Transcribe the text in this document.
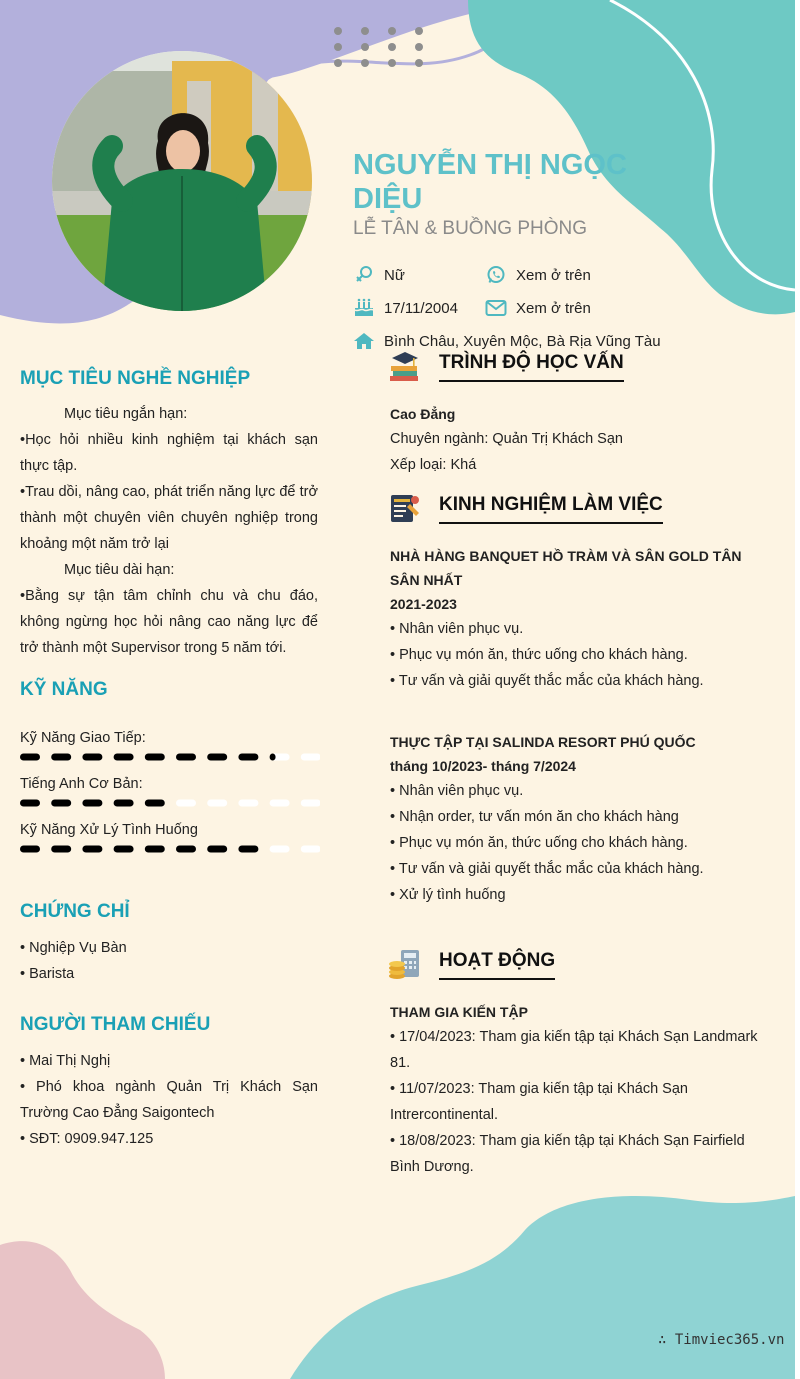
NGUYỄN THỊ NGỌC DIỆU

LỄ TÂN & BUỒNG PHÒNG

Nữ	Xem ở trên
17/11/2004	Xem ở trên
Bình Châu, Xuyên Mộc, Bà Rịa Vũng Tàu
MỤC TIÊU NGHỀ NGHIỆP

Mục tiêu ngắn hạn:

•Học hỏi nhiều kinh nghiệm tại khách sạn thực tập.

•Trau dồi, nâng cao, phát triển năng lực để trở thành một chuyên viên chuyên nghiệp trong khoảng một năm trở lại

Mục tiêu dài hạn:

•Bằng sự tận tâm chỉnh chu và chu đáo, không ngừng học hỏi nâng cao năng lực để trở thành một Supervisor trong 5 năm tới.

KỸ NĂNG
Kỹ Năng Giao Tiếp:
Tiếng Anh Cơ Bản:
Kỹ Năng Xử Lý Tình Huống
CHỨNG CHỈ

• Nghiệp Vụ Bàn

• Barista

NGƯỜI THAM CHIẾU

• Mai Thị Nghị

• Phó khoa ngành Quản Trị Khách Sạn Trường Cao Đẳng Saigontech

• SĐT: 0909.947.125

TRÌNH ĐỘ HỌC VẤN

Cao Đẳng

Chuyên ngành: Quản Trị Khách Sạn

Xếp loại: Khá

KINH NGHIỆM LÀM VIỆC

NHÀ HÀNG BANQUET HỒ TRÀM VÀ SÂN GOLD TÂN SÂN NHẤT

2021-2023

• Nhân viên phục vụ.

• Phục vụ món ăn, thức uống cho khách hàng.

• Tư vấn và giải quyết thắc mắc của khách hàng.

THỰC TẬP TẠI SALINDA RESORT PHÚ QUỐC

tháng 10/2023- tháng 7/2024

• Nhân viên phục vụ.

• Nhận order, tư vấn món ăn cho khách hàng

• Phục vụ món ăn, thức uống cho khách hàng.

• Tư vấn và giải quyết thắc mắc của khách hàng.

• Xử lý tình huống

HOẠT ĐỘNG

THAM GIA KIẾN TẬP

• 17/04/2023: Tham gia kiến tập tại Khách Sạn Landmark 81.

• 11/07/2023: Tham gia kiến tập tại Khách Sạn Intrercontinental.

• 18/08/2023: Tham gia kiến tập tại Khách Sạn Fairfield Bình Dương.

∴ Timviec365.vn
